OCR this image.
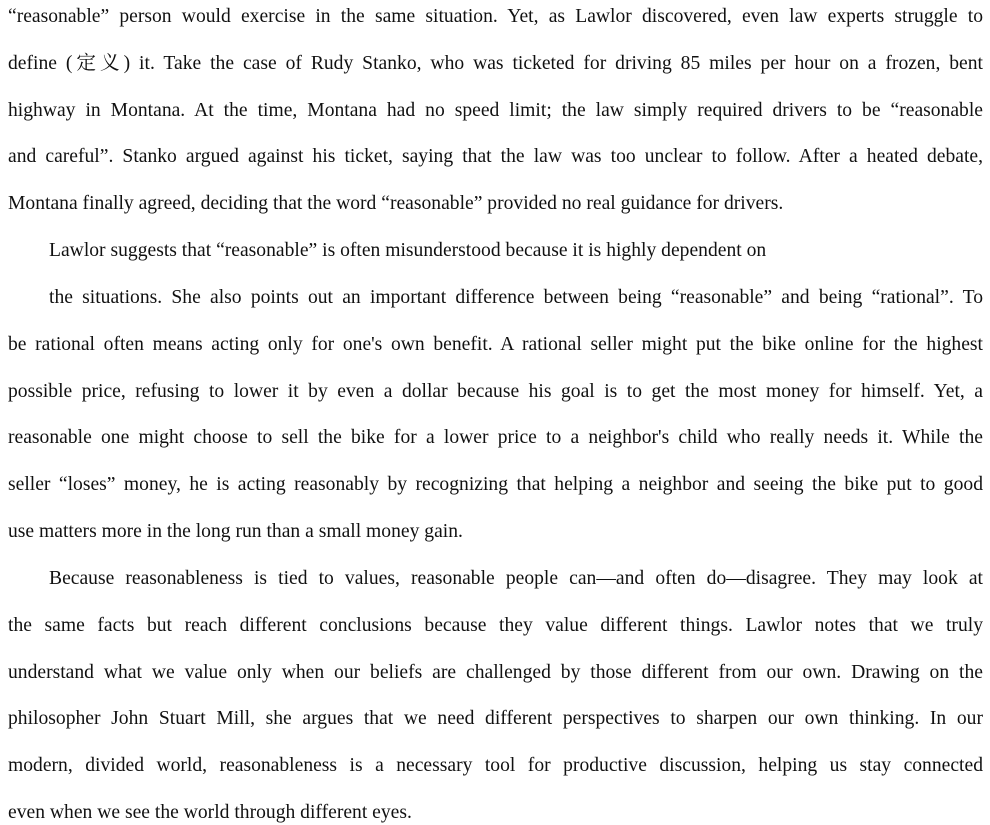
“reasonable” person would exercise in the same situation. Yet, as Lawlor discovered, even law experts struggle to
define (定义) it. Take the case of Rudy Stanko, who was ticketed for driving 85 miles per hour on a frozen, bent
highway in Montana. At the time, Montana had no speed limit; the law simply required drivers to be “reasonable
and careful”. Stanko argued against his ticket, saying that the law was too unclear to follow. After a heated debate,
Montana finally agreed, deciding that the word “reasonable” provided no real guidance for drivers.
Lawlor suggests that “reasonable” is often misunderstood because it is highly dependent on
the situations. She also points out an important difference between being “reasonable” and being “rational”. To
be rational often means acting only for one's own benefit. A rational seller might put the bike online for the highest
possible price, refusing to lower it by even a dollar because his goal is to get the most money for himself. Yet, a
reasonable one might choose to sell the bike for a lower price to a neighbor's child who really needs it. While the
seller “loses” money, he is acting reasonably by recognizing that helping a neighbor and seeing the bike put to good
use matters more in the long run than a small money gain.
Because reasonableness is tied to values, reasonable people can—and often do—disagree. They may look at
the same facts but reach different conclusions because they value different things. Lawlor notes that we truly
understand what we value only when our beliefs are challenged by those different from our own. Drawing on the
philosopher John Stuart Mill, she argues that we need different perspectives to sharpen our own thinking. In our
modern, divided world, reasonableness is a necessary tool for productive discussion, helping us stay connected
even when we see the world through different eyes.
